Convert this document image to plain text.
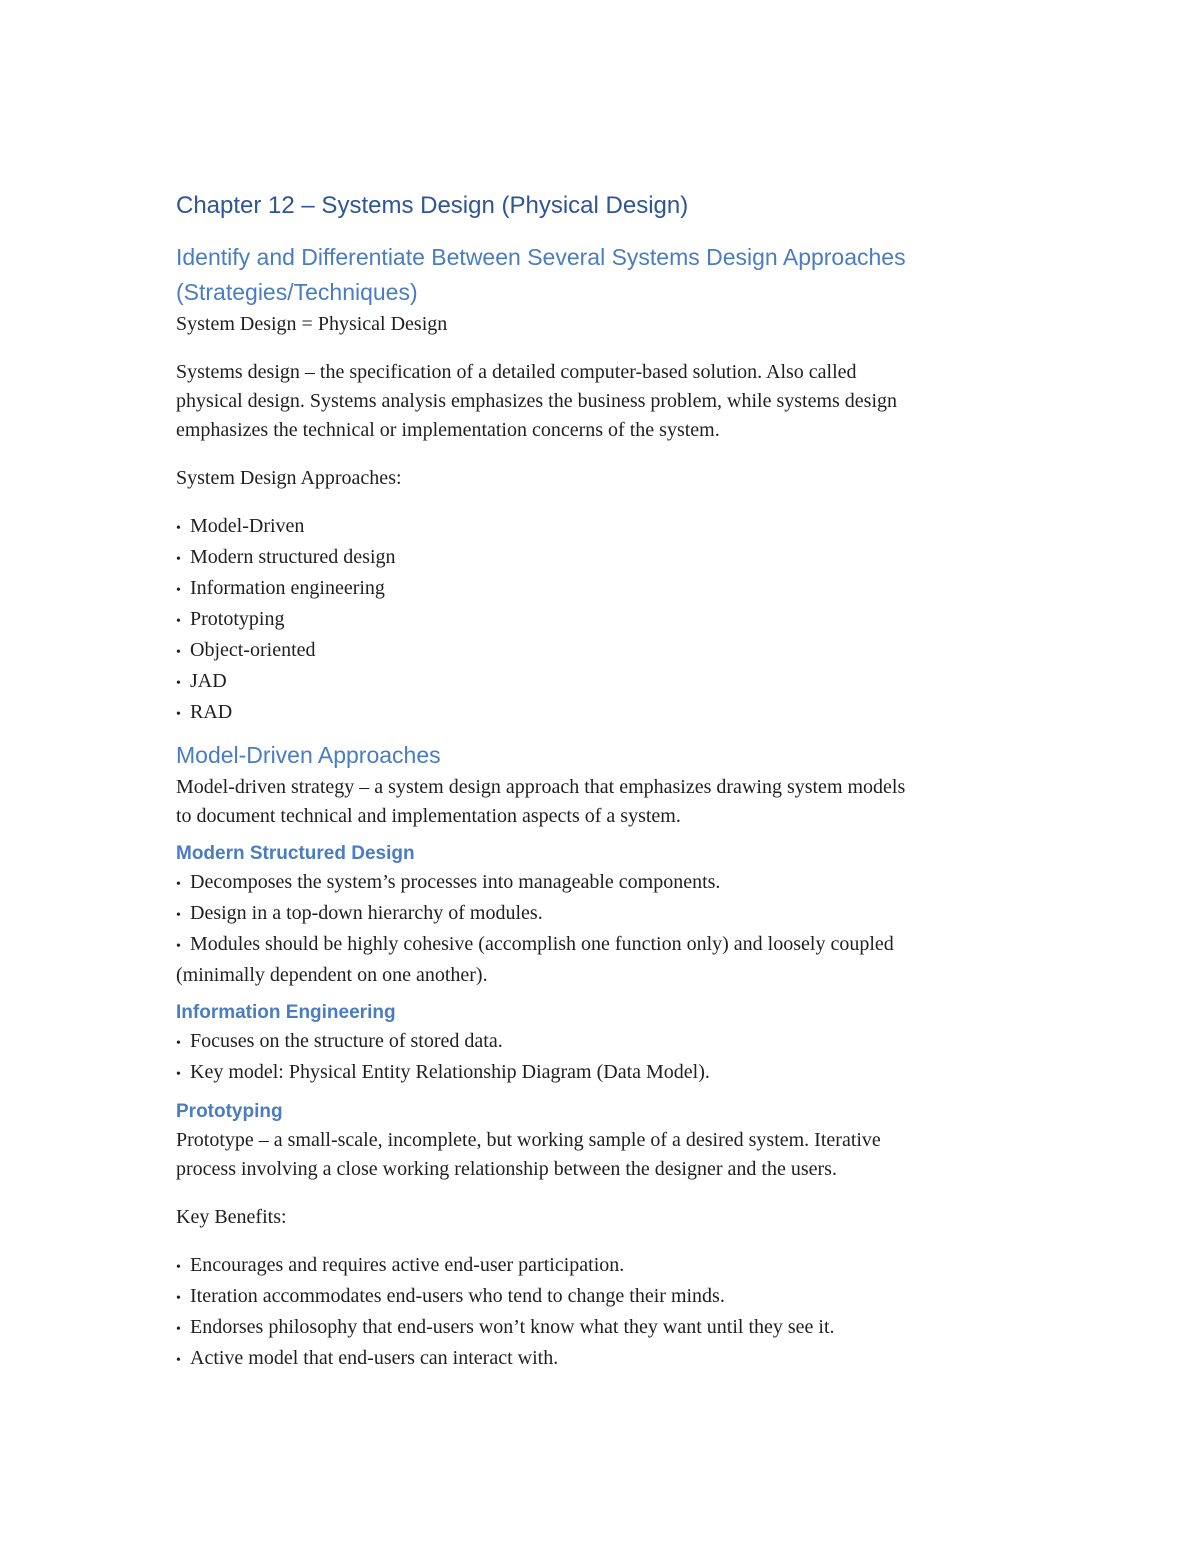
Chapter 12 – Systems Design (Physical Design)
Identify and Differentiate Between Several Systems Design Approaches
(Strategies/Techniques)

System Design = Physical Design

Systems design – the specification of a detailed computer-based solution. Also called
physical design. Systems analysis emphasizes the business problem, while systems design
emphasizes the technical or implementation concerns of the system.

System Design Approaches:

• Model-Driven
• Modern structured design
• Information engineering
• Prototyping
• Object-oriented
• JAD
• RAD
Model-Driven Approaches

Model-driven strategy – a system design approach that emphasizes drawing system models
to document technical and implementation aspects of a system.

Modern Structured Design
• Decomposes the system’s processes into manageable components.
• Design in a top-down hierarchy of modules.
• Modules should be highly cohesive (accomplish one function only) and loosely coupled

(minimally dependent on one another).

Information Engineering
• Focuses on the structure of stored data.
• Key model: Physical Entity Relationship Diagram (Data Model).
Prototyping

Prototype – a small-scale, incomplete, but working sample of a desired system. Iterative
process involving a close working relationship between the designer and the users.

Key Benefits:

• Encourages and requires active end-user participation.
• Iteration accommodates end-users who tend to change their minds.
• Endorses philosophy that end-users won’t know what they want until they see it.
• Active model that end-users can interact with.
